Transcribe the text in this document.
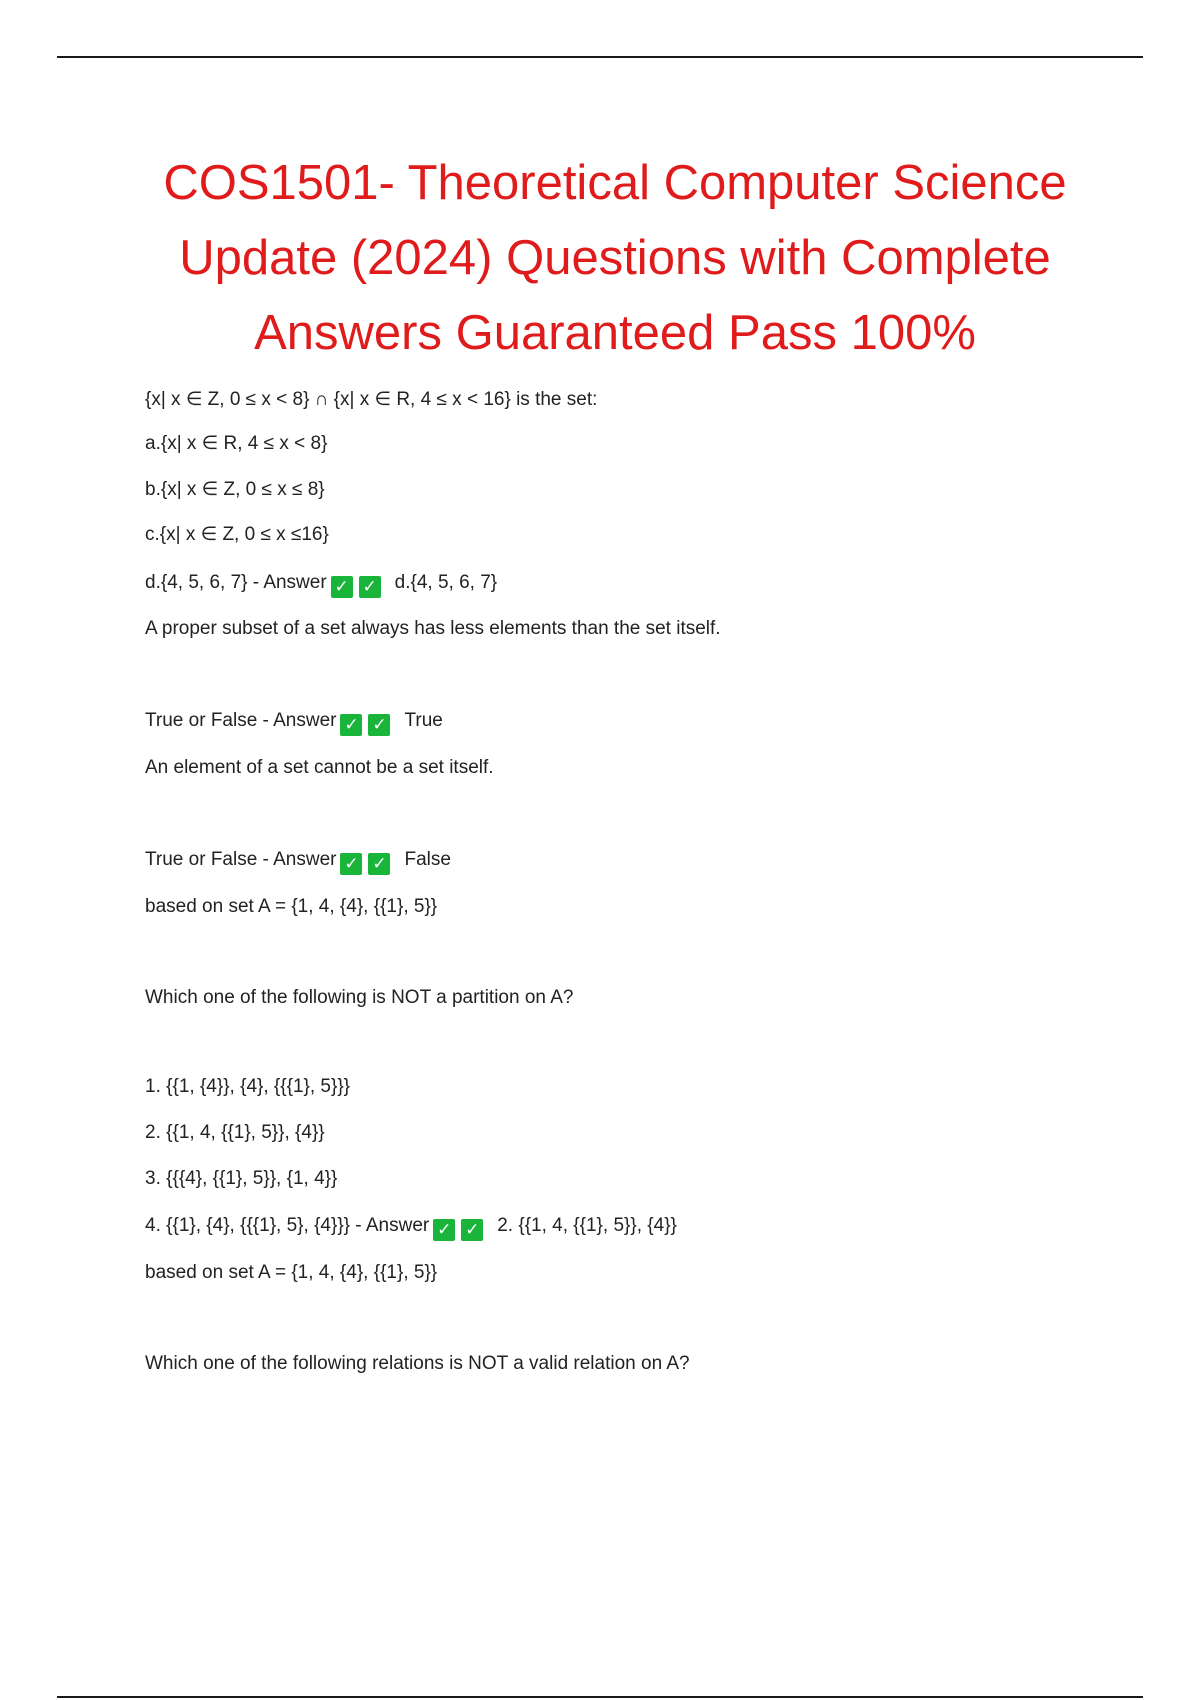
COS1501- Theoretical Computer Science
Update (2024) Questions with Complete
Answers Guaranteed Pass 100%
{x| x ∈ Z, 0 ≤ x < 8} ∩ {x| x ∈ R, 4 ≤ x < 16} is the set:
a.{x| x ∈ R, 4 ≤ x < 8}
b.{x| x ∈ Z, 0 ≤ x ≤ 8}
c.{x| x ∈ Z, 0 ≤ x ≤16}
d.{4, 5, 6, 7} - Answer ✓ ✓ d.{4, 5, 6, 7}
A proper subset of a set always has less elements than the set itself.
True or False - Answer ✓ ✓ True
An element of a set cannot be a set itself.
True or False - Answer ✓ ✓ False
based on set A = {1, 4, {4}, {{1}, 5}}
Which one of the following is NOT a partition on A?
1. {{1, {4}}, {4}, {{{1}, 5}}}
2. {{1, 4, {{1}, 5}}, {4}}
3. {{{4}, {{1}, 5}}, {1, 4}}
4. {{1}, {4}, {{{1}, 5}, {4}}} - Answer ✓ ✓ 2. {{1, 4, {{1}, 5}}, {4}}
based on set A = {1, 4, {4}, {{1}, 5}}
Which one of the following relations is NOT a valid relation on A?
